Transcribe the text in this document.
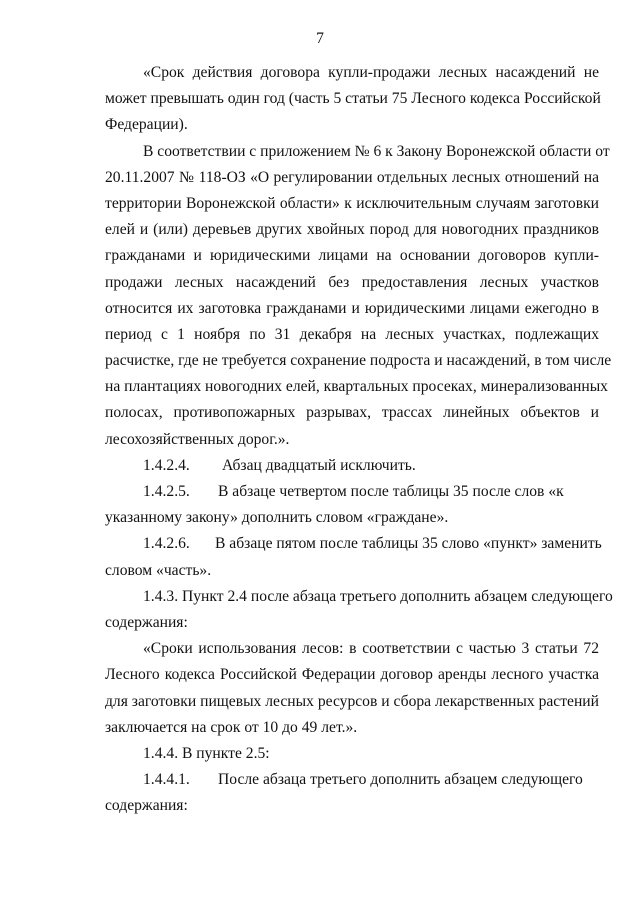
7
«Срок действия договора купли-продажи лесных насаждений не
может превышать один год (часть 5 статьи 75 Лесного кодекса Российской
Федерации).
В соответствии с приложением № 6 к Закону Воронежской области от
20.11.2007 № 118-ОЗ «О регулировании отдельных лесных отношений на
территории Воронежской области» к исключительным случаям заготовки
елей и (или) деревьев других хвойных пород для новогодних праздников
гражданами и юридическими лицами на основании договоров купли-
продажи лесных насаждений без предоставления лесных участков
относится их заготовка гражданами и юридическими лицами ежегодно в
период с 1 ноября по 31 декабря на лесных участках, подлежащих
расчистке, где не требуется сохранение подроста и насаждений, в том числе
на плантациях новогодних елей, квартальных просеках, минерализованных
полосах, противопожарных разрывах, трассах линейных объектов и
лесохозяйственных дорог.».
1.4.2.4. Абзац двадцатый исключить.
1.4.2.5. В абзаце четвертом после таблицы 35 после слов «к
указанному закону» дополнить словом «граждане».
1.4.2.6. В абзаце пятом после таблицы 35 слово «пункт» заменить
словом «часть».
1.4.3. Пункт 2.4 после абзаца третьего дополнить абзацем следующего
содержания:
«Сроки использования лесов: в соответствии с частью 3 статьи 72
Лесного кодекса Российской Федерации договор аренды лесного участка
для заготовки пищевых лесных ресурсов и сбора лекарственных растений
заключается на срок от 10 до 49 лет.».
1.4.4. В пункте 2.5:
1.4.4.1. После абзаца третьего дополнить абзацем следующего
содержания:
